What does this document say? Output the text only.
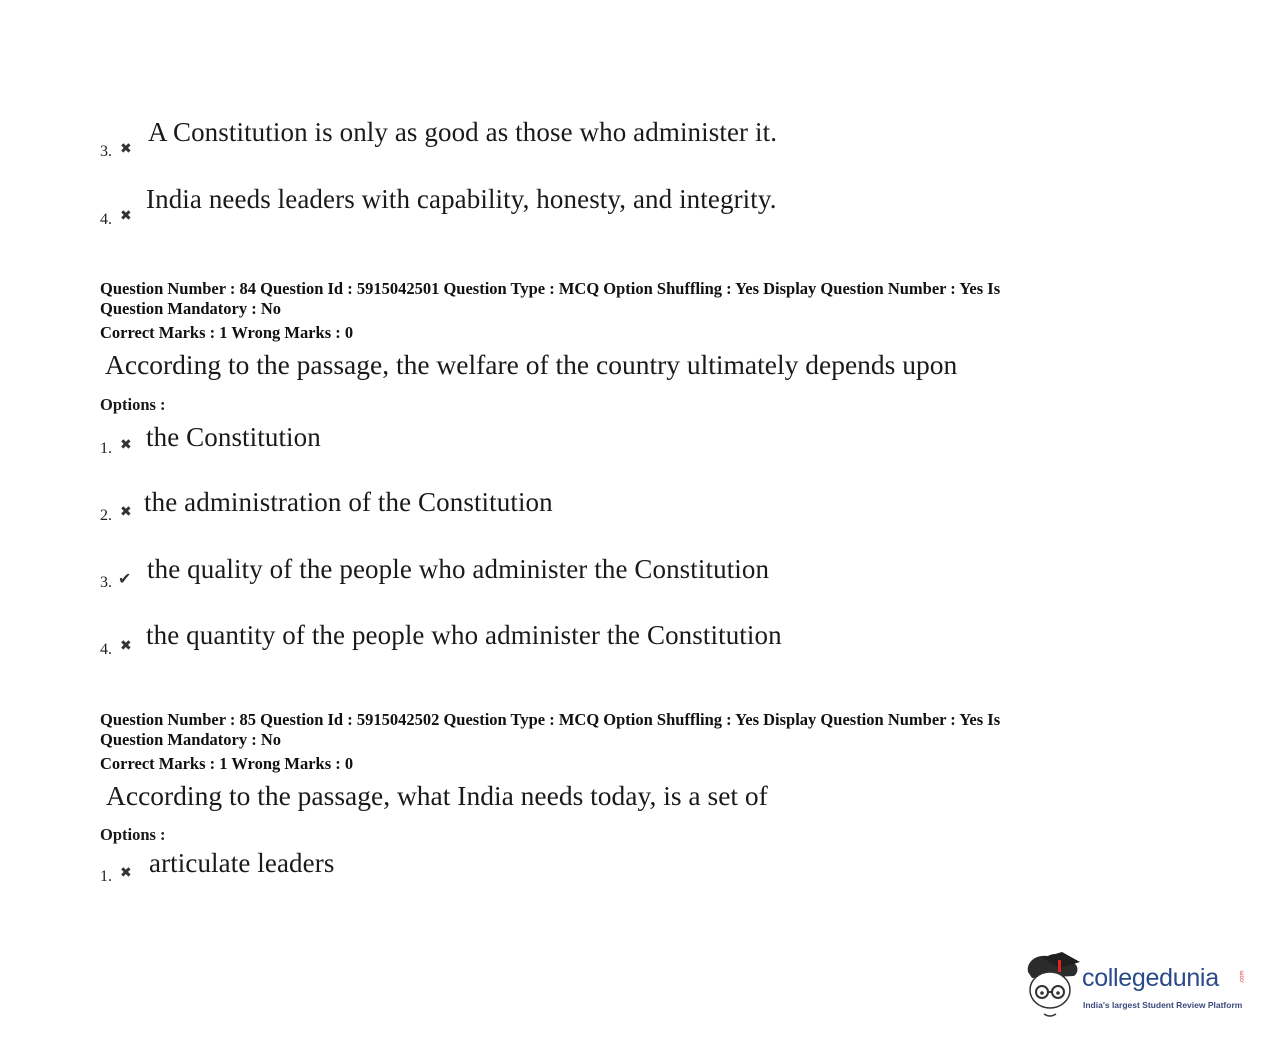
3. ✖
A Constitution is only as good as those who administer it.
4. ✖
India needs leaders with capability, honesty, and integrity.
Question Number : 84 Question Id : 5915042501 Question Type : MCQ Option Shuffling : Yes Display Question Number : Yes Is
Question Mandatory : No
Correct Marks : 1 Wrong Marks : 0
According to the passage, the welfare of the country ultimately depends upon
Options :
1. ✖ the Constitution
2. ✖ the administration of the Constitution
3. ✔ the quality of the people who administer the Constitution
4. ✖ the quantity of the people who administer the Constitution
Question Number : 85 Question Id : 5915042502 Question Type : MCQ Option Shuffling : Yes Display Question Number : Yes Is
Question Mandatory : No
Correct Marks : 1 Wrong Marks : 0
According to the passage, what India needs today, is a set of
Options :
1. ✖ articulate leaders
collegedunia	.com
India's largest Student Review Platform
